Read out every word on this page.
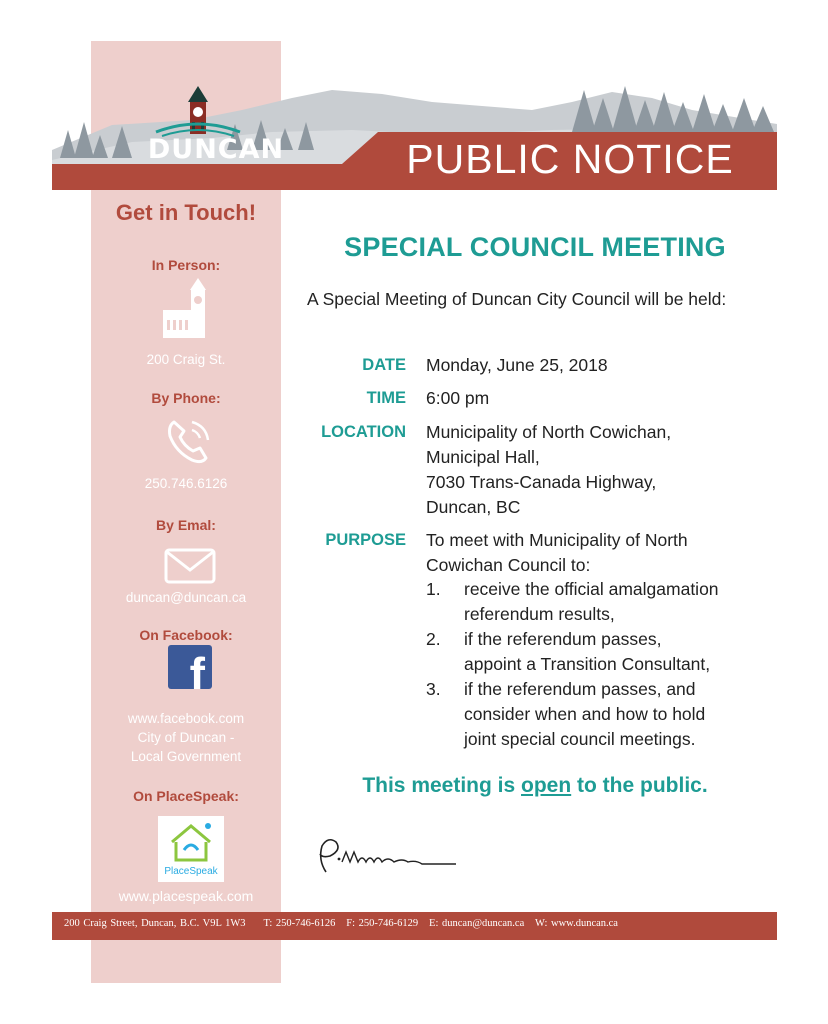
DUNCAN	PUBLIC NOTICE
Get in Touch!
In Person:
200 Craig St.
By Phone:
250.746.6126
By Emal:
duncan@duncan.ca
On Facebook:
f
www.facebook.com
City of Duncan -
Local Government
On PlaceSpeak:
PlaceSpeak
www.placespeak.com
SPECIAL COUNCIL MEETING
A Special Meeting of Duncan City Council will be held:
DATE Monday, June 25, 2018
TIME 6:00 pm
LOCATION Municipality of North Cowichan,
Municipal Hall,
7030 Trans-Canada Highway,
Duncan, BC
PURPOSE To meet with Municipality of North
Cowichan Council to:
1.	receive the official amalgamation
referendum results,
2.	if the referendum passes,
appoint a Transition Consultant,
3.	if the referendum passes, and
consider when and how to hold
joint special council meetings.
This meeting is open to the public.
200 Craig Street, Duncan, B.C. V9L 1W3     T: 250-746-6126   F: 250-746-6129   E: duncan@duncan.ca   W: www.duncan.ca
